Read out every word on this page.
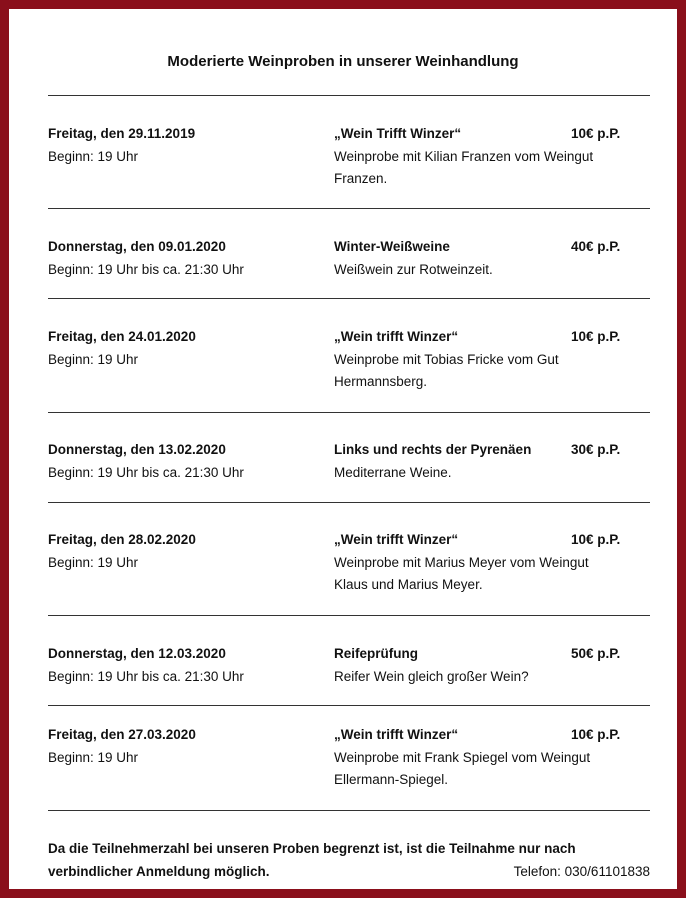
Moderierte Weinproben in unserer Weinhandlung
Freitag, den 29.11.2019
Beginn: 19 Uhr
„Wein Trifft Winzer“
Weinprobe mit Kilian Franzen vom Weingut Franzen.
10€ p.P.
Donnerstag, den 09.01.2020
Beginn: 19 Uhr bis ca. 21:30 Uhr
Winter-Weißweine
Weißwein zur Rotweinzeit.
40€ p.P.
Freitag, den 24.01.2020
Beginn: 19 Uhr
„Wein trifft Winzer“
Weinprobe mit Tobias Fricke vom Gut Hermannsberg.
10€ p.P.
Donnerstag, den 13.02.2020
Beginn: 19 Uhr bis ca. 21:30 Uhr
Links und rechts der Pyrenäen
Mediterrane Weine.
30€ p.P.
Freitag, den 28.02.2020
Beginn: 19 Uhr
„Wein trifft Winzer“
Weinprobe mit Marius Meyer vom Weingut Klaus und Marius Meyer.
10€ p.P.
Donnerstag, den 12.03.2020
Beginn: 19 Uhr bis ca. 21:30 Uhr
Reifeprüfung
Reifer Wein gleich großer Wein?
50€ p.P.
Freitag, den 27.03.2020
Beginn: 19 Uhr
„Wein trifft Winzer“
Weinprobe mit Frank Spiegel vom Weingut Ellermann-Spiegel.
10€ p.P.
Da die Teilnehmerzahl bei unseren Proben begrenzt ist, ist die Teilnahme nur nach verbindlicher Anmeldung möglich.	Telefon: 030/61101838
